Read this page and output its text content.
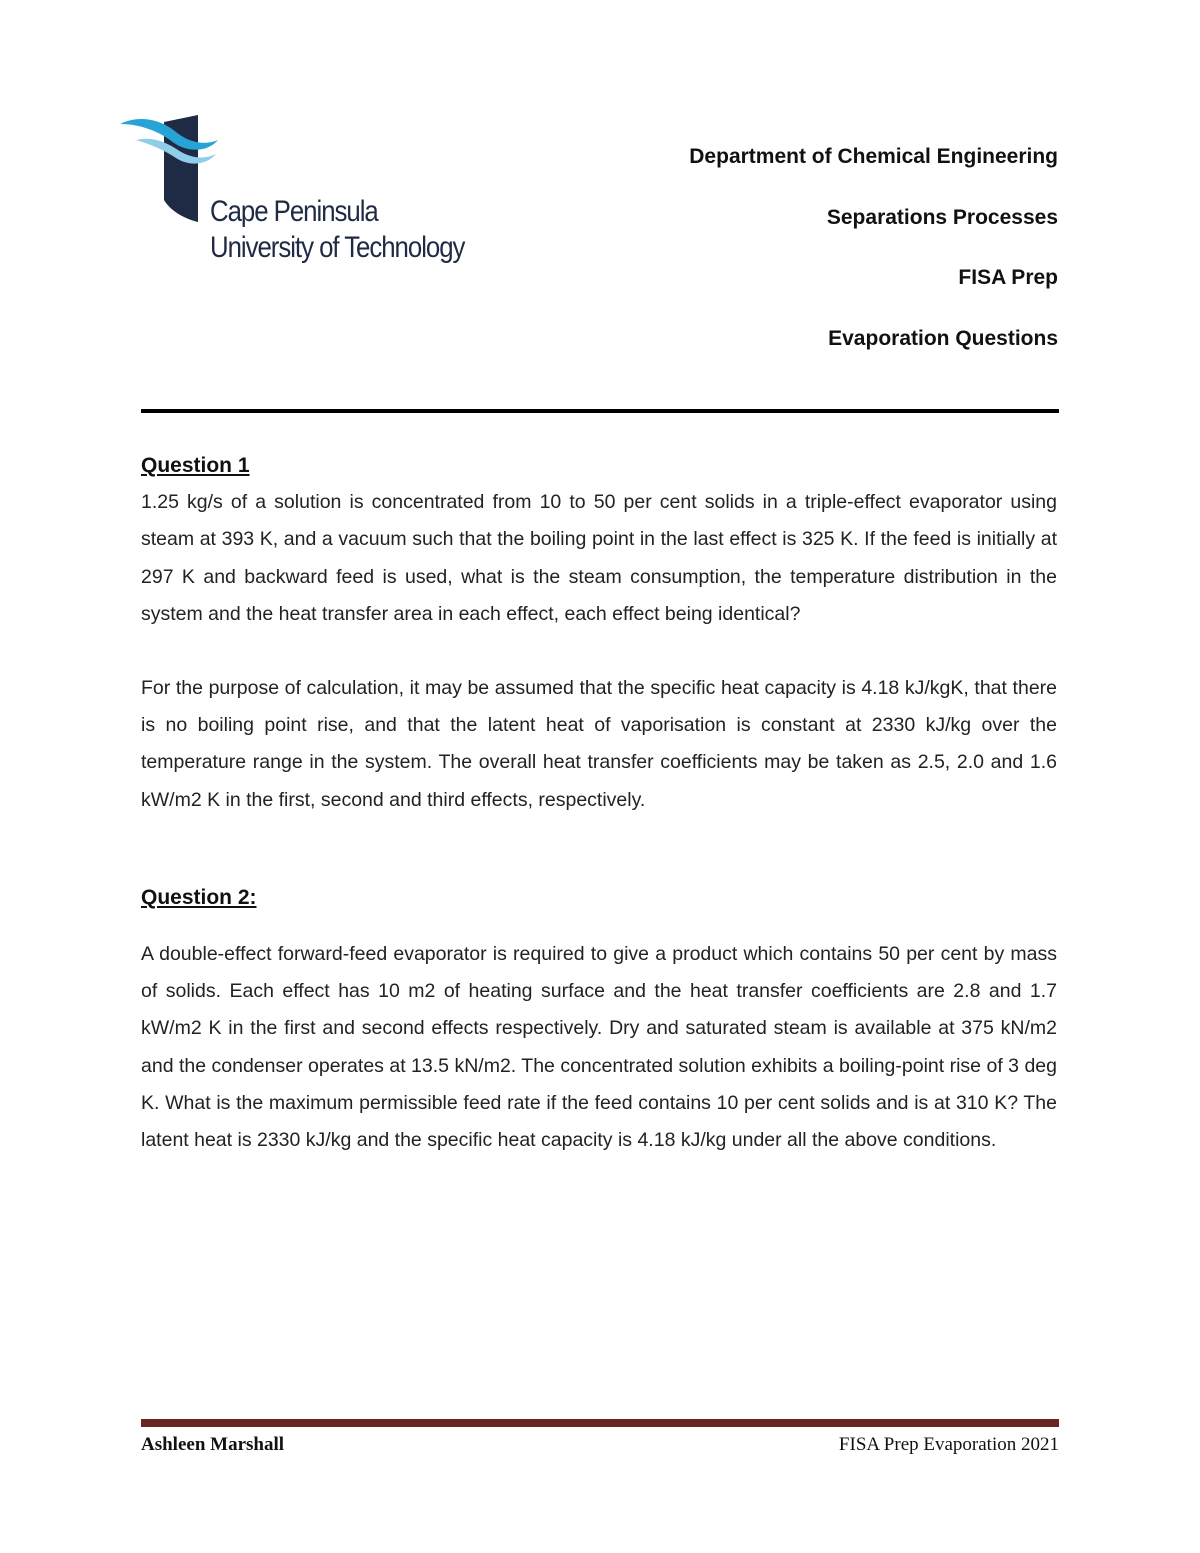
Cape Peninsula
University of Technology
Department of Chemical Engineering
Separations Processes
FISA Prep
Evaporation Questions
Question 1

1.25 kg/s of a solution is concentrated from 10 to 50 per cent solids in a triple-effect evaporator using steam at 393 K, and a vacuum such that the boiling point in the last effect is 325 K. If the feed is initially at 297 K and backward feed is used, what is the steam consumption, the temperature distribution in the system and the heat transfer area in each effect, each effect being identical?

For the purpose of calculation, it may be assumed that the specific heat capacity is 4.18 kJ/kgK, that there is no boiling point rise, and that the latent heat of vaporisation is constant at 2330 kJ/kg over the temperature range in the system. The overall heat transfer coefficients may be taken as 2.5, 2.0 and 1.6 kW/m2 K in the first, second and third effects, respectively.

Question 2:

A double-effect forward-feed evaporator is required to give a product which contains 50 per cent by mass of solids. Each effect has 10 m2 of heating surface and the heat transfer coefficients are 2.8 and 1.7 kW/m2 K in the first and second effects respectively. Dry and saturated steam is available at 375 kN/m2 and the condenser operates at 13.5 kN/m2. The concentrated solution exhibits a boiling-point rise of 3 deg K. What is the maximum permissible feed rate if the feed contains 10 per cent solids and is at 310 K? The latent heat is 2330 kJ/kg and the specific heat capacity is 4.18 kJ/kg under all the above conditions.

Ashleen Marshall	FISA Prep Evaporation 2021
